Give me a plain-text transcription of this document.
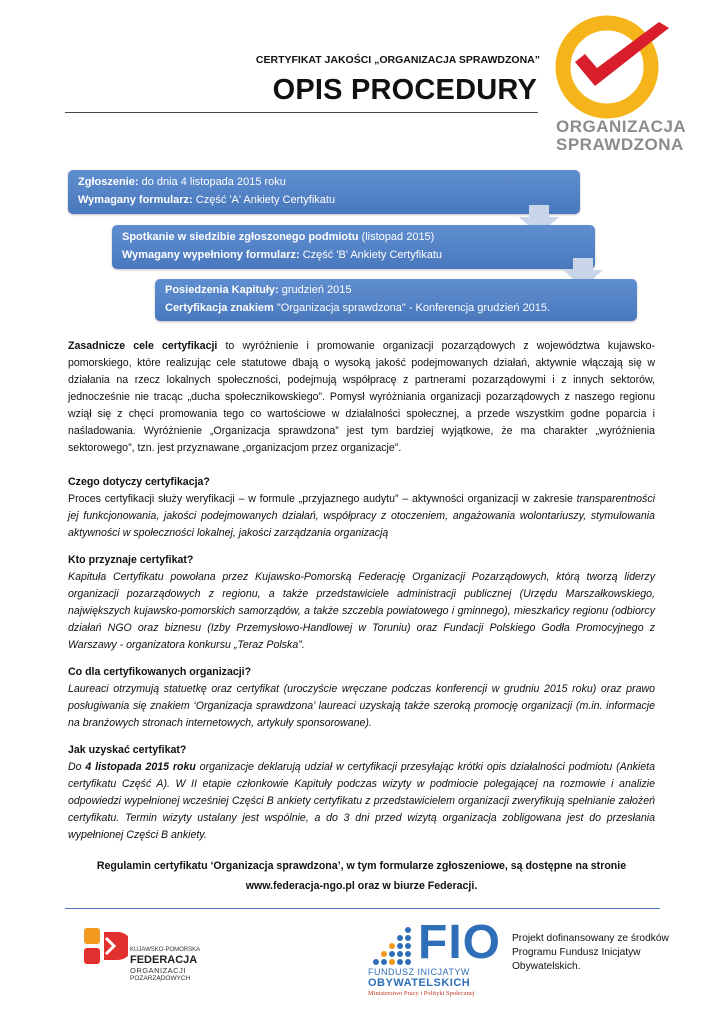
CERTYFIKAT JAKOŚCI „ORGANIZACJA SPRAWDZONA”
OPIS PROCEDURY
ORGANIZACJA
SPRAWDZONA
Zgłoszenie: do dnia 4 listopada 2015 roku
Wymagany formularz: Część 'A' Ankiety Certyfikatu
Spotkanie w siedzibie zgłoszonego podmiotu (listopad 2015)
Wymagany wypełniony formularz: Część 'B' Ankiety Certyfikatu
Posiedzenia Kapituły: grudzień 2015
Certyfikacja znakiem "Organizacja sprawdzona" - Konferencja grudzień 2015.

Zasadnicze cele certyfikacji to wyróżnienie i promowanie organizacji pozarządowych z województwa kujawsko-pomorskiego, które realizując cele statutowe dbają o wysoką jakość podejmowanych działań, aktywnie włączają się w działania na rzecz lokalnych społeczności, podejmują współpracę z partnerami pozarządowymi i z innych sektorów, jednocześnie nie tracąc „ducha społecznikowskiego”. Pomysł wyróżniania organizacji pozarządowych z naszego regionu wziął się z chęci promowania tego co wartościowe w działalności społecznej, a przede wszystkim godne poparcia i naśladowania. Wyróżnienie „Organizacja sprawdzona” jest tym bardziej wyjątkowe, że ma charakter „wyróżnienia sektorowego”, tzn. jest przyznawane „organizacjom przez organizacje”.

Czego dotyczy certyfikacja?

Proces certyfikacji służy weryfikacji – w formule „przyjaznego audytu” – aktywności organizacji w zakresie transparentności jej funkcjonowania, jakości podejmowanych działań, współpracy z otoczeniem, angażowania wolontariuszy, stymulowania aktywności w społeczności lokalnej, jakości zarządzania organizacją

Kto przyznaje certyfikat?

Kapituła Certyfikatu powołana przez Kujawsko-Pomorską Federację Organizacji Pozarządowych, którą tworzą liderzy organizacji pozarządowych z regionu, a także przedstawiciele administracji publicznej (Urzędu Marszałkowskiego, największych kujawsko-pomorskich samorządów, a także szczebla powiatowego i gminnego), mieszkańcy regionu (odbiorcy działań NGO oraz biznesu (Izby Przemysłowo-Handlowej w Toruniu) oraz Fundacji Polskiego Godła Promocyjnego z Warszawy - organizatora konkursu „Teraz Polska”.

Co dla certyfikowanych organizacji?

Laureaci otrzymują statuetkę oraz certyfikat (uroczyście wręczane podczas konferencji w grudniu 2015 roku) oraz prawo posługiwania się znakiem ‘Organizacja sprawdzona’ laureaci uzyskają także szeroką promocję organizacji (m.in. informacje na branżowych stronach internetowych, artykuły sponsorowane).

Jak uzyskać certyfikat?

Do 4 listopada 2015 roku organizacje deklarują udział w certyfikacji przesyłając krótki opis działalności podmiotu (Ankieta certyfikatu Część A). W II etapie członkowie Kapituły podczas wizyty w podmiocie polegającej na rozmowie i analizie odpowiedzi wypełnionej wcześniej Części B ankiety certyfikatu z przedstawicielem organizacji zweryfikują spełnianie założeń certyfikatu. Termin wizyty ustalany jest wspólnie, a do 3 dni przed wizytą organizacja zobligowana jest do przesłania wypełnionej Części B ankiety.

Regulamin certyfikatu ‘Organizacja sprawdzona’, w tym formularze zgłoszeniowe, są dostępne na stronie
www.federacja-ngo.pl oraz w biurze Federacji.
KUJAWSKO-POMORSKA
FEDERACJA
ORGANIZACJI
POZARZĄDOWYCH
FIO
FUNDUSZ INICJATYW
OBYWATELSKICH
Ministerstwo Pracy i Polityki Społecznej
Projekt dofinansowany ze środków Programu Fundusz Inicjatyw Obywatelskich.
